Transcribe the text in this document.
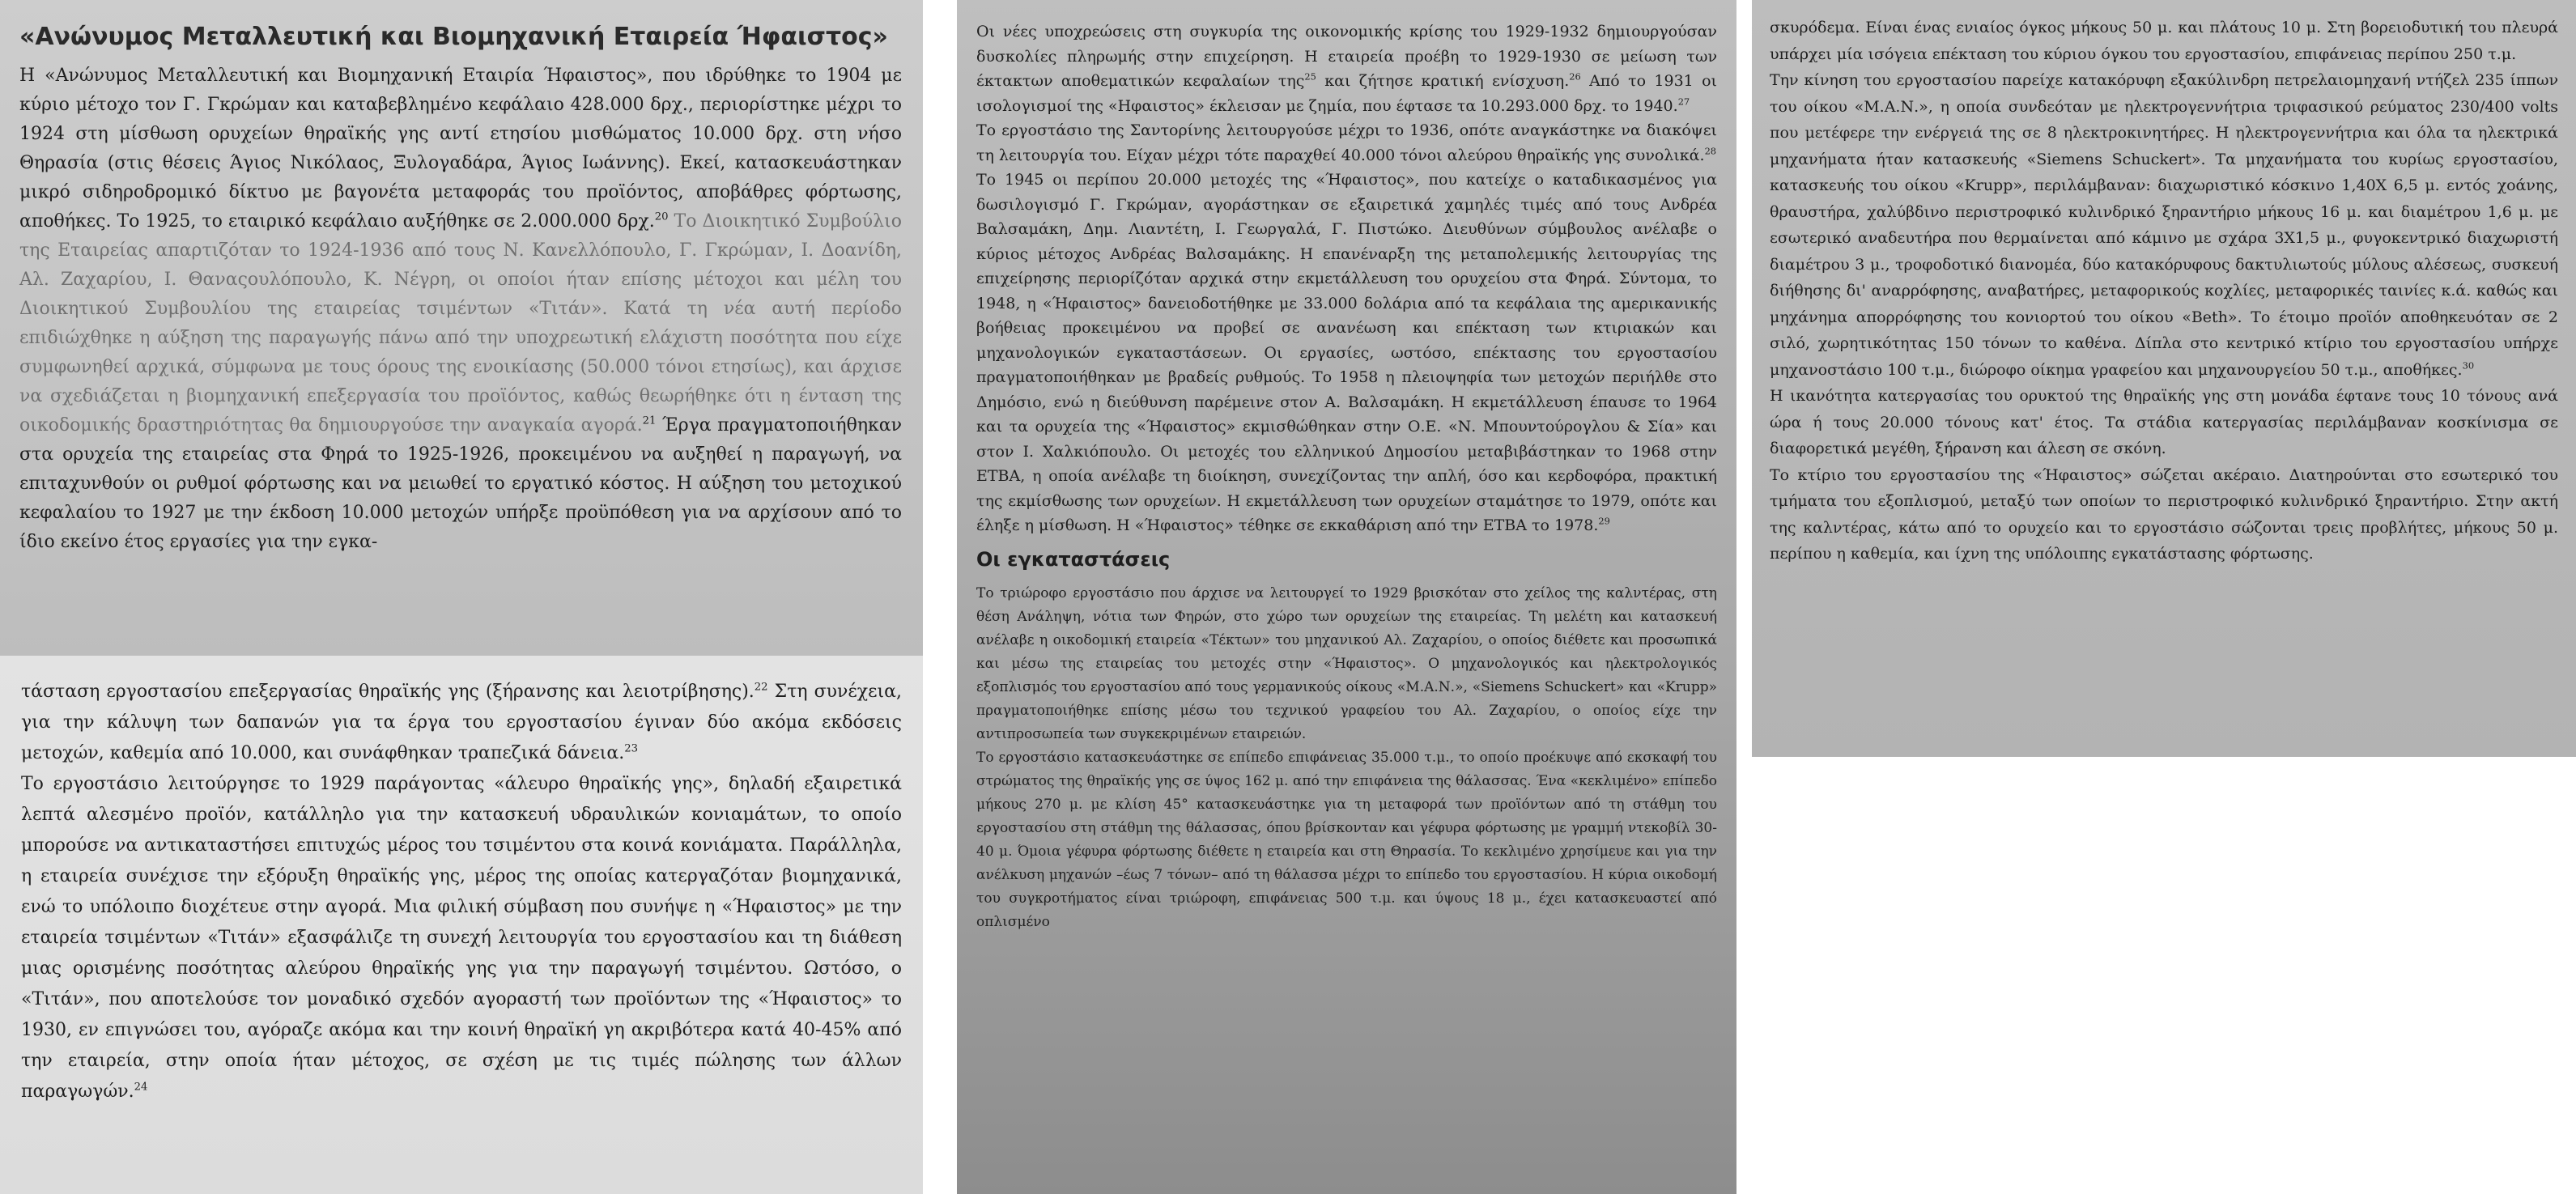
«Ανώνυμος Μεταλλευτική και Βιομηχανική Εταιρεία Ήφαιστος»

Η «Ανώνυμος Μεταλλευτική και Βιομηχανική Εταιρία Ήφαιστος», που ιδρύθηκε το 1904 με κύριο μέτοχο τον Γ. Γκρώμαν και καταβεβλημένο κεφάλαιο 428.000 δρχ., περιορίστηκε μέχρι το 1924 στη μίσθωση ορυχείων θηραϊκής γης αντί ετησίου μισθώματος 10.000 δρχ. στη νήσο Θηρασία (στις θέσεις Άγιος Νικόλαος, Ξυλογαδάρα, Άγιος Ιωάννης). Εκεί, κατασκευάστηκαν μικρό σιδηροδρομικό δίκτυο με βαγονέτα μεταφοράς του προϊόντος, αποβάθρες φόρτωσης, αποθήκες. Το 1925, το εταιρικό κεφάλαιο αυξήθηκε σε 2.000.000 δρχ.$^{20}$ Το Διοικητικό Συμβούλιο της Εταιρείας απαρτιζόταν το 1924-1936 από τους Ν. Κανελλόπουλο, Γ. Γκρώμαν, Ι. Δοανίδη, Αλ. Ζαχαρίου, Ι. Θαναςουλόπουλο, Κ. Νέγρη, οι οποίοι ήταν επίσης μέτοχοι και μέλη του Διοικητικού Συμβουλίου της εταιρείας τσιμέντων «Τιτάν». Κατά τη νέα αυτή περίοδο επιδιώχθηκε η αύξηση της παραγωγής πάνω από την υποχρεωτική ελάχιστη ποσότητα που είχε συμφωνηθεί αρχικά, σύμφωνα με τους όρους της ενοικίασης (50.000 τόνοι ετησίως), και άρχισε να σχεδιάζεται η βιομηχανική επεξεργασία του προϊόντος, καθώς θεωρήθηκε ότι η ένταση της οικοδομικής δραστηριότητας θα δημιουργούσε την αναγκαία αγορά.$^{21}$ Έργα πραγματοποιήθηκαν στα ορυχεία της εταιρείας στα Φηρά το 1925-1926, προκειμένου να αυξηθεί η παραγωγή, να επιταχυνθούν οι ρυθμοί φόρτωσης και να μειωθεί το εργατικό κόστος. Η αύξηση του μετοχικού κεφαλαίου το 1927 με την έκδοση 10.000 μετοχών υπήρξε προϋπόθεση για να αρχίσουν από το ίδιο εκείνο έτος εργασίες για την εγκα-

τάσταση εργοστασίου επεξεργασίας θηραϊκής γης (ξήρανσης και λειοτρίβησης).$^{22}$ Στη συνέχεια, για την κάλυψη των δαπανών για τα έργα του εργοστασίου έγιναν δύο ακόμα εκδόσεις μετοχών, καθεμία από 10.000, και συνάφθηκαν τραπεζικά δάνεια.$^{23}$

Το εργοστάσιο λειτούργησε το 1929 παράγοντας «άλευρο θηραϊκής γης», δηλαδή εξαιρετικά λεπτά αλεσμένο προϊόν, κατάλληλο για την κατασκευή υδραυλικών κονιαμάτων, το οποίο μπορούσε να αντικαταστήσει επιτυχώς μέρος του τσιμέντου στα κοινά κονιάματα. Παράλληλα, η εταιρεία συνέχισε την εξόρυξη θηραϊκής γης, μέρος της οποίας κατεργαζόταν βιομηχανικά, ενώ το υπόλοιπο διοχέτευε στην αγορά. Μια φιλική σύμβαση που συνήψε η «Ήφαιστος» με την εταιρεία τσιμέντων «Τιτάν» εξασφάλιζε τη συνεχή λειτουργία του εργοστασίου και τη διάθεση μιας ορισμένης ποσότητας αλεύρου θηραϊκής γης για την παραγωγή τσιμέντου. Ωστόσο, ο «Τιτάν», που αποτελούσε τον μοναδικό σχεδόν αγοραστή των προϊόντων της «Ήφαιστος» το 1930, εν επιγνώσει του, αγόραζε ακόμα και την κοινή θηραϊκή γη ακριβότερα κατά 40-45% από την εταιρεία, στην οποία ήταν μέτοχος, σε σχέση με τις τιμές πώλησης των άλλων παραγωγών.$^{24}$

Οι νέες υποχρεώσεις στη συγκυρία της οικονομικής κρίσης του 1929-1932 δημιουργούσαν δυσκολίες πληρωμής στην επιχείρηση. Η εταιρεία προέβη το 1929-1930 σε μείωση των έκτακτων αποθεματικών κεφαλαίων της$^{25}$ και ζήτησε κρατική ενίσχυση.$^{26}$ Από το 1931 οι ισολογισμοί της «Ηφαιστος» έκλεισαν με ζημία, που έφτασε τα 10.293.000 δρχ. το 1940.27

Το εργοστάσιο της Σαντορίνης λειτουργούσε μέχρι το 1936, οπότε αναγκάστηκε να διακόψει τη λειτουργία του. Είχαν μέχρι τότε παραχθεί 40.000 τόνοι αλεύρου θηραϊκής γης συνολικά.$^{28}$

Το 1945 οι περίπου 20.000 μετοχές της «Ήφαιστος», που κατείχε ο καταδικασμένος για δωσιλογισμό Γ. Γκρώμαν, αγοράστηκαν σε εξαιρετικά χαμηλές τιμές από τους Ανδρέα Βαλσαμάκη, Δημ. Λιαντέτη, Ι. Γεωργαλά, Γ. Πιστώκο. Διευθύνων σύμβουλος ανέλαβε ο κύριος μέτοχος Ανδρέας Βαλσαμάκης. Η επανέναρξη της μεταπολεμικής λειτουργίας της επιχείρησης περιορίζόταν αρχικά στην εκμετάλλευση του ορυχείου στα Φηρά. Σύντομα, το 1948, η «Ήφαιστος» δανειοδοτήθηκε με 33.000 δολάρια από τα κεφάλαια της αμερικανικής βοήθειας προκειμένου να προβεί σε ανανέωση και επέκταση των κτιριακών και μηχανολογικών εγκαταστάσεων. Οι εργασίες, ωστόσο, επέκτασης του εργοστασίου πραγματοποιήθηκαν με βραδείς ρυθμούς. Το 1958 η πλειοψηφία των μετοχών περιήλθε στο Δημόσιο, ενώ η διεύθυνση παρέμεινε στον Α. Βαλσαμάκη. Η εκμετάλλευση έπαυσε το 1964 και τα ορυχεία της «Ήφαιστος» εκμισθώθηκαν στην Ο.Ε. «Ν. Μπουντούρογλου & Σία» και στον Ι. Χαλκιόπουλο. Οι μετοχές του ελληνικού Δημοσίου μεταβιβάστηκαν το 1968 στην ΕΤΒΑ, η οποία ανέλαβε τη διοίκηση, συνεχίζοντας την απλή, όσο και κερδοφόρα, πρακτική της εκμίσθωσης των ορυχείων. Η εκμετάλλευση των ορυχείων σταμάτησε το 1979, οπότε και έληξε η μίσθωση. Η «Ήφαιστος» τέθηκε σε εκκαθάριση από την ΕΤΒΑ το 1978.29

Οι εγκαταστάσεις

Το τριώροφο εργοστάσιο που άρχισε να λειτουργεί το 1929 βρισκόταν στο χείλος της καλντέρας, στη θέση Ανάληψη, νότια των Φηρών, στο χώρο των ορυχείων της εταιρείας. Τη μελέτη και κατασκευή ανέλαβε η οικοδομική εταιρεία «Τέκτων» του μηχανικού Αλ. Ζαχαρίου, ο οποίος διέθετε και προσωπικά και μέσω της εταιρείας του μετοχές στην «Ήφαιστος». Ο μηχανολογικός και ηλεκτρολογικός εξοπλισμός του εργοστασίου από τους γερμανικούς οίκους «Μ.Α.Ν.», «Siemens Schuckert» και «Krupp» πραγματοποιήθηκε επίσης μέσω του τεχνικού γραφείου του Αλ. Ζαχαρίου, ο οποίος είχε την αντιπροσωπεία των συγκεκριμένων εταιρειών.

Το εργοστάσιο κατασκευάστηκε σε επίπεδο επιφάνειας 35.000 τ.μ., το οποίο προέκυψε από εκσκαφή του στρώματος της θηραϊκής γης σε ύψος 162 μ. από την επιφάνεια της θάλασσας. Ένα «κεκλιμένο» επίπεδο μήκους 270 μ. με κλίση 45° κατασκευάστηκε για τη μεταφορά των προϊόντων από τη στάθμη του εργοστασίου στη στάθμη της θάλασσας, όπου βρίσκονταν και γέφυρα φόρτωσης με γραμμή ντεκοβίλ 30-40 μ. Όμοια γέφυρα φόρτωσης διέθετε η εταιρεία και στη Θηρασία. Το κεκλιμένο χρησίμευε και για την ανέλκυση μηχανών –έως 7 τόνων– από τη θάλασσα μέχρι το επίπεδο του εργοστασίου. Η κύρια οικοδομή του συγκροτήματος είναι τριώροφη, επιφάνειας 500 τ.μ. και ύψους 18 μ., έχει κατασκευαστεί από οπλισμένο

σκυρόδεμα. Είναι ένας ενιαίος όγκος μήκους 50 μ. και πλάτους 10 μ. Στη βορειοδυτική του πλευρά υπάρχει μία ισόγεια επέκταση του κύριου όγκου του εργοστασίου, επιφάνειας περίπου 250 τ.μ.

Την κίνηση του εργοστασίου παρείχε κατακόρυφη εξακύλινδρη πετρελαιομηχανή ντήζελ 235 ίππων του οίκου «Μ.Α.Ν.», η οποία συνδεόταν με ηλεκτρογεννήτρια τριφασικού ρεύματος 230/400 volts που μετέφερε την ενέργειά της σε 8 ηλεκτροκινητήρες. Η ηλεκτρογεννήτρια και όλα τα ηλεκτρικά μηχανήματα ήταν κατασκευής «Siemens Schuckert». Τα μηχανήματα του κυρίως εργοστασίου, κατασκευής του οίκου «Krupp», περιλάμβαναν: διαχωριστικό κόσκινο 1,40Χ 6,5 μ. εντός χοάνης, θραυστήρα, χαλύβδινο περιστροφικό κυλινδρικό ξηραντήριο μήκους 16 μ. και διαμέτρου 1,6 μ. με εσωτερικό αναδευτήρα που θερμαίνεται από κάμινο με σχάρα 3Χ1,5 μ., φυγοκεντρικό διαχωριστή διαμέτρου 3 μ., τροφοδοτικό διανομέα, δύο κατακόρυφους δακτυλιωτούς μύλους αλέσεως, συσκευή διήθησης δι' αναρρόφησης, αναβατήρες, μεταφορικούς κοχλίες, μεταφορικές ταινίες κ.ά. καθώς και μηχάνημα απορρόφησης του κονιορτού του οίκου «Beth». Το έτοιμο προϊόν αποθηκευόταν σε 2 σιλό, χωρητικότητας 150 τόνων το καθένα. Δίπλα στο κεντρικό κτίριο του εργοστασίου υπήρχε μηχανοστάσιο 100 τ.μ., διώροφο οίκημα γραφείου και μηχανουργείου 50 τ.μ., αποθήκες.$^{30}$

Η ικανότητα κατεργασίας του ορυκτού της θηραϊκής γης στη μονάδα έφτανε τους 10 τόνους ανά ώρα ή τους 20.000 τόνους κατ' έτος. Τα στάδια κατεργασίας περιλάμβαναν κοσκίνισμα σε διαφορετικά μεγέθη, ξήρανση και άλεση σε σκόνη.

Το κτίριο του εργοστασίου της «Ήφαιστος» σώζεται ακέραιο. Διατηρούνται στο εσωτερικό του τμήματα του εξοπλισμού, μεταξύ των οποίων το περιστροφικό κυλινδρικό ξηραντήριο. Στην ακτή της καλντέρας, κάτω από το ορυχείο και το εργοστάσιο σώζονται τρεις προβλήτες, μήκους 50 μ. περίπου η καθεμία, και ίχνη της υπόλοιπης εγκατάστασης φόρτωσης.
